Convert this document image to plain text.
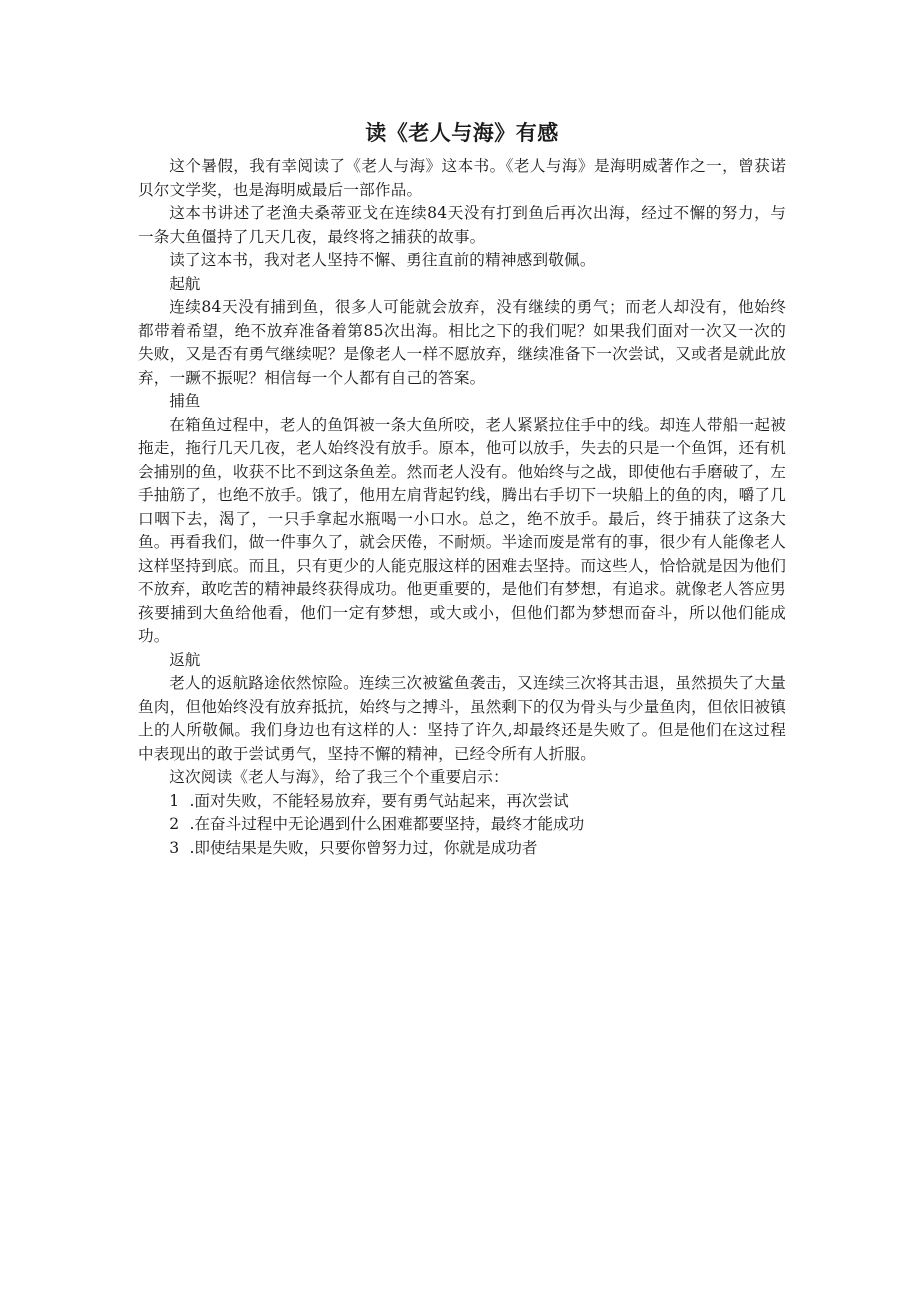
读《老人与海》有感

这个暑假，我有幸阅读了《老人与海》这本书。《老人与海》是海明威著作之一，曾获诺贝尔文学奖，也是海明威最后一部作品。

这本书讲述了老渔夫桑蒂亚戈在连续84天没有打到鱼后再次出海，经过不懈的努力，与一条大鱼僵持了几天几夜，最终将之捕获的故事。

读了这本书，我对老人坚持不懈、勇往直前的精神感到敬佩。

起航

连续84天没有捕到鱼，很多人可能就会放弃，没有继续的勇气；而老人却没有，他始终都带着希望，绝不放弃准备着第85次出海。相比之下的我们呢？如果我们面对一次又一次的失败，又是否有勇气继续呢？是像老人一样不愿放弃，继续准备下一次尝试，又或者是就此放弃，一蹶不振呢？相信每一个人都有自己的答案。

捕鱼

在箱鱼过程中，老人的鱼饵被一条大鱼所咬，老人紧紧拉住手中的线。却连人带船一起被拖走，拖行几天几夜，老人始终没有放手。原本，他可以放手，失去的只是一个鱼饵，还有机会捕别的鱼，收获不比不到这条鱼差。然而老人没有。他始终与之战，即使他右手磨破了，左手抽筋了，也绝不放手。饿了，他用左肩背起钓线，腾出右手切下一块船上的鱼的肉，嚼了几口咽下去，渴了，一只手拿起水瓶喝一小口水。总之，绝不放手。最后，终于捕获了这条大鱼。再看我们，做一件事久了，就会厌倦，不耐烦。半途而废是常有的事，很少有人能像老人这样坚持到底。而且，只有更少的人能克服这样的困难去坚持。而这些人，恰恰就是因为他们不放弃，敢吃苦的精神最终获得成功。他更重要的，是他们有梦想，有追求。就像老人答应男孩要捕到大鱼给他看，他们一定有梦想，或大或小，但他们都为梦想而奋斗，所以他们能成功。

返航

老人的返航路途依然惊险。连续三次被鲨鱼袭击，又连续三次将其击退，虽然损失了大量鱼肉，但他始终没有放弃抵抗，始终与之搏斗，虽然剩下的仅为骨头与少量鱼肉，但依旧被镇上的人所敬佩。我们身边也有这样的人：坚持了许久,却最终还是失败了。但是他们在这过程中表现出的敢于尝试勇气，坚持不懈的精神，已经令所有人折服。

这次阅读《老人与海》，给了我三个个重要启示：

1 .面对失败，不能轻易放弃，要有勇气站起来，再次尝试
2 .在奋斗过程中无论遇到什么困难都要坚持，最终才能成功
3 .即使结果是失败，只要你曾努力过，你就是成功者
